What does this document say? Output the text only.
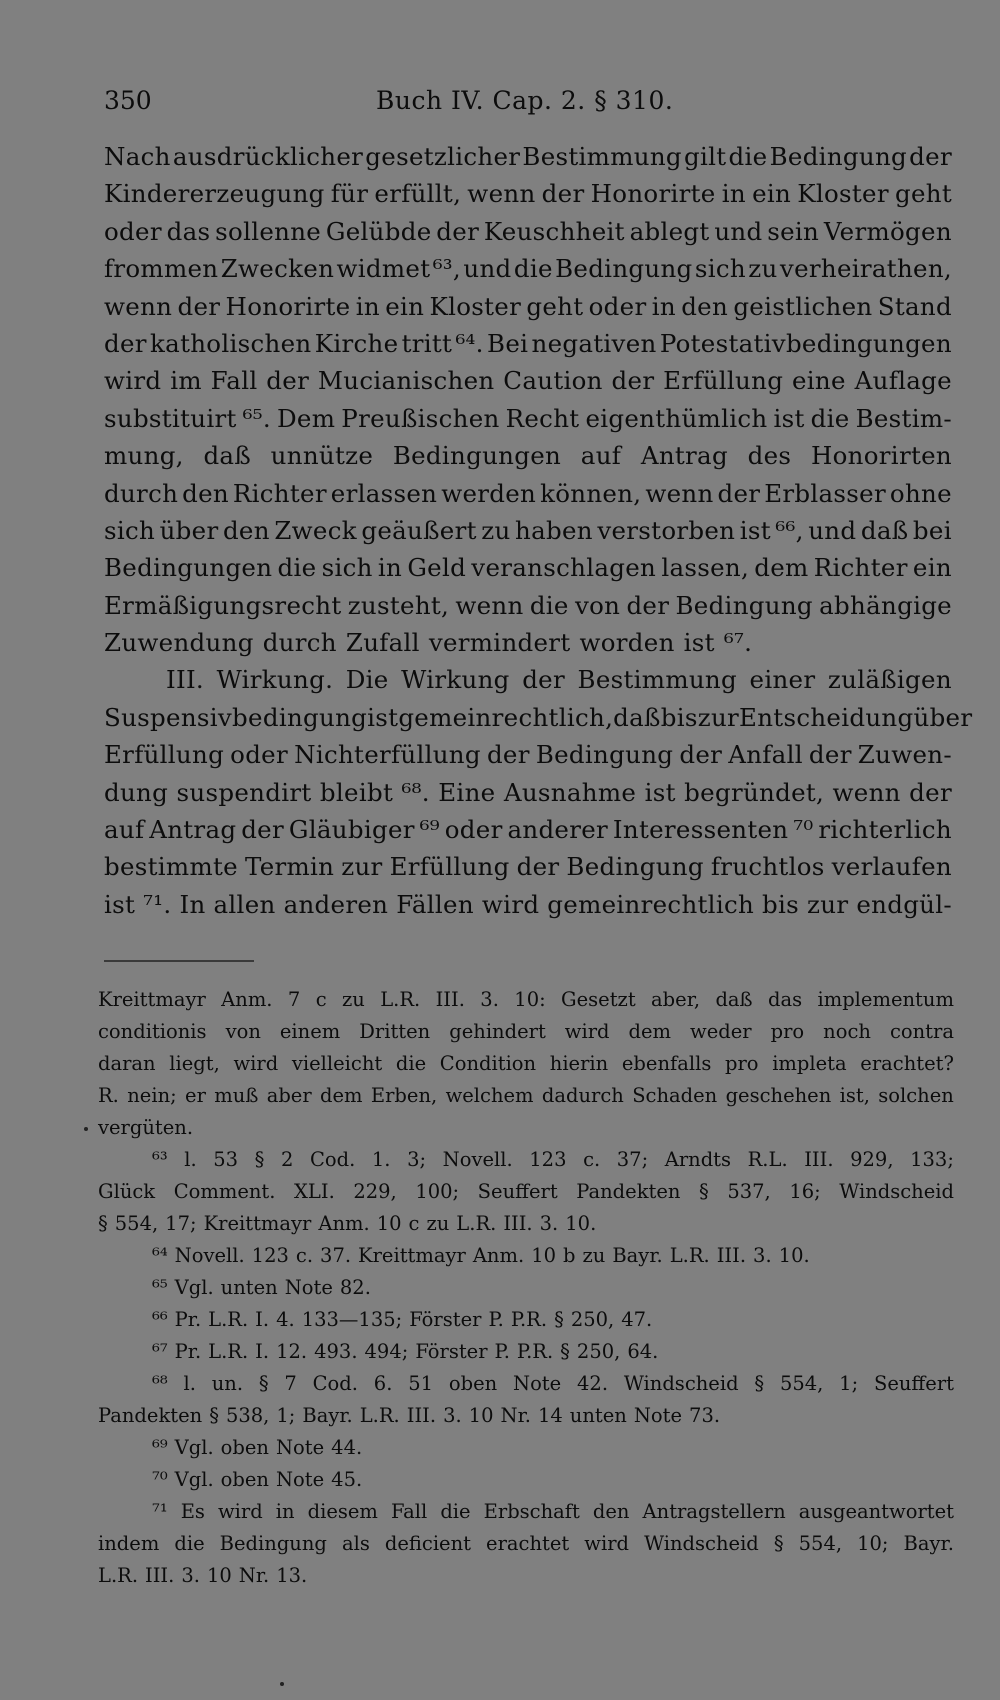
350	Buch IV. Cap. 2. § 310.
Nach ausdrücklicher gesetzlicher Bestimmung gilt die Bedingung der
Kindererzeugung für erfüllt, wenn der Honorirte in ein Kloster geht
oder das sollenne Gelübde der Keuschheit ablegt und sein Vermögen
frommen Zwecken widmet ⁶³, und die Bedingung sich zu verheirathen,
wenn der Honorirte in ein Kloster geht oder in den geistlichen Stand
der katholischen Kirche tritt ⁶⁴. Bei negativen Potestativbedingungen
wird im Fall der Mucianischen Caution der Erfüllung eine Auflage
substituirt ⁶⁵. Dem Preußischen Recht eigenthümlich ist die Bestim-
mung, daß unnütze Bedingungen auf Antrag des Honorirten
durch den Richter erlassen werden können, wenn der Erblasser ohne
sich über den Zweck geäußert zu haben verstorben ist ⁶⁶, und daß bei
Bedingungen die sich in Geld veranschlagen lassen, dem Richter ein
Ermäßigungsrecht zusteht, wenn die von der Bedingung abhängige
Zuwendung durch Zufall vermindert worden ist ⁶⁷.
III. Wirkung. Die Wirkung der Bestimmung einer zuläßigen
Suspensivbedingung ist gemeinrechtlich, daß bis zur Entscheidung über
Erfüllung oder Nichterfüllung der Bedingung der Anfall der Zuwen-
dung suspendirt bleibt ⁶⁸. Eine Ausnahme ist begründet, wenn der
auf Antrag der Gläubiger ⁶⁹ oder anderer Interessenten ⁷⁰ richterlich
bestimmte Termin zur Erfüllung der Bedingung fruchtlos verlaufen
ist ⁷¹. In allen anderen Fällen wird gemeinrechtlich bis zur endgül-
Kreittmayr Anm. 7 c zu L.R. III. 3. 10: Gesetzt aber, daß das implementum
conditionis von einem Dritten gehindert wird dem weder pro noch contra
daran liegt, wird vielleicht die Condition hierin ebenfalls pro impleta erachtet?
R. nein; er muß aber dem Erben, welchem dadurch Schaden geschehen ist, solchen
vergüten.
⁶³ l. 53 § 2 Cod. 1. 3; Novell. 123 c. 37; Arndts R.L. III. 929, 133;
Glück Comment. XLI. 229, 100; Seuffert Pandekten § 537, 16; Windscheid
§ 554, 17; Kreittmayr Anm. 10 c zu L.R. III. 3. 10.
⁶⁴ Novell. 123 c. 37. Kreittmayr Anm. 10 b zu Bayr. L.R. III. 3. 10.
⁶⁵ Vgl. unten Note 82.
⁶⁶ Pr. L.R. I. 4. 133—135; Förster P. P.R. § 250, 47.
⁶⁷ Pr. L.R. I. 12. 493. 494; Förster P. P.R. § 250, 64.
⁶⁸ l. un. § 7 Cod. 6. 51 oben Note 42. Windscheid § 554, 1; Seuffert
Pandekten § 538, 1; Bayr. L.R. III. 3. 10 Nr. 14 unten Note 73.
⁶⁹ Vgl. oben Note 44.
⁷⁰ Vgl. oben Note 45.
⁷¹ Es wird in diesem Fall die Erbschaft den Antragstellern ausgeantwortet
indem die Bedingung als deficient erachtet wird Windscheid § 554, 10; Bayr.
L.R. III. 3. 10 Nr. 13.
